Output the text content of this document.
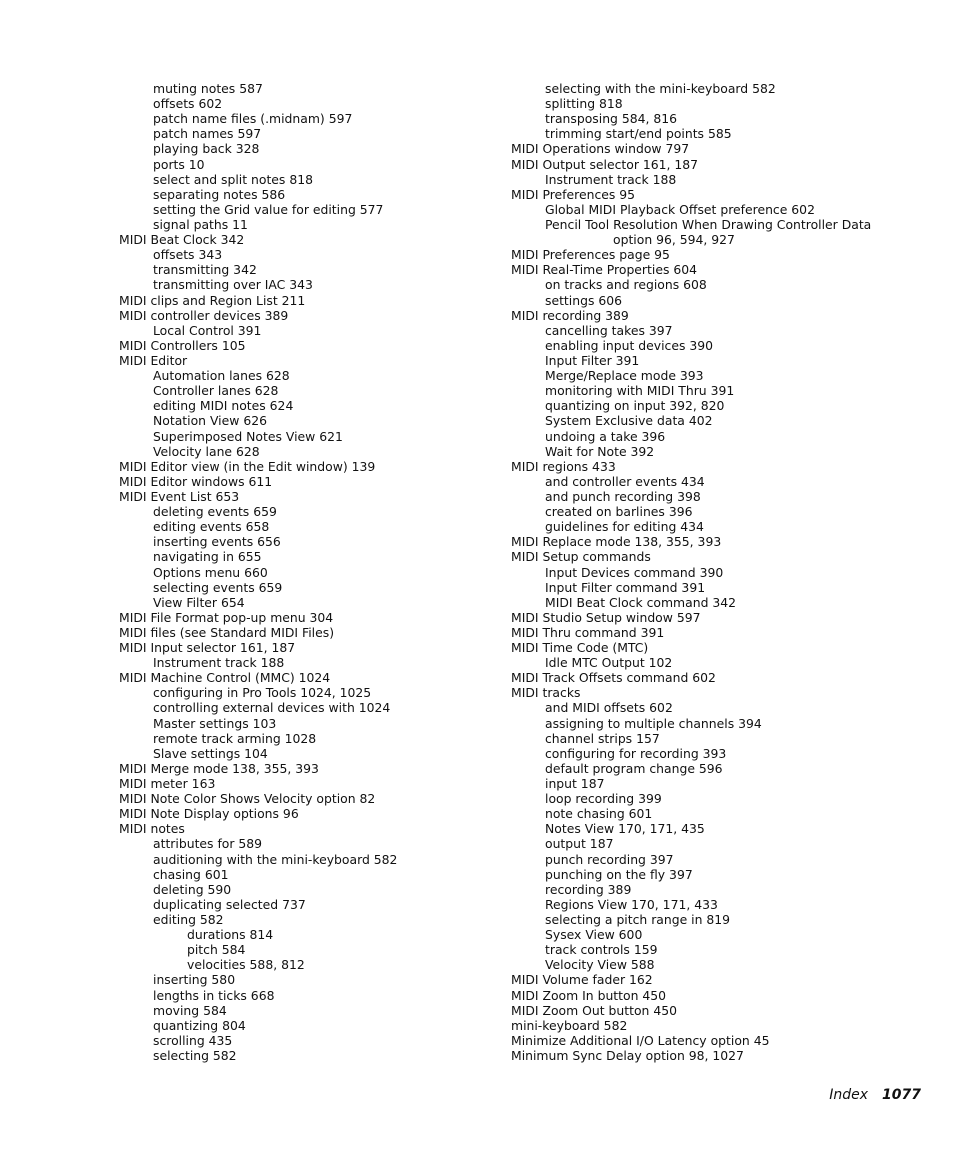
muting notes 587
offsets 602
patch name files (.midnam) 597
patch names 597
playing back 328
ports 10
select and split notes 818
separating notes 586
setting the Grid value for editing 577
signal paths 11
MIDI Beat Clock 342
offsets 343
transmitting 342
transmitting over IAC 343
MIDI clips and Region List 211
MIDI controller devices 389
Local Control 391
MIDI Controllers 105
MIDI Editor
Automation lanes 628
Controller lanes 628
editing MIDI notes 624
Notation View 626
Superimposed Notes View 621
Velocity lane 628
MIDI Editor view (in the Edit window) 139
MIDI Editor windows 611
MIDI Event List 653
deleting events 659
editing events 658
inserting events 656
navigating in 655
Options menu 660
selecting events 659
View Filter 654
MIDI File Format pop-up menu 304
MIDI files (see Standard MIDI Files)
MIDI Input selector 161, 187
Instrument track 188
MIDI Machine Control (MMC) 1024
configuring in Pro Tools 1024, 1025
controlling external devices with 1024
Master settings 103
remote track arming 1028
Slave settings 104
MIDI Merge mode 138, 355, 393
MIDI meter 163
MIDI Note Color Shows Velocity option 82
MIDI Note Display options 96
MIDI notes
attributes for 589
auditioning with the mini-keyboard 582
chasing 601
deleting 590
duplicating selected 737
editing 582
durations 814
pitch 584
velocities 588, 812
inserting 580
lengths in ticks 668
moving 584
quantizing 804
scrolling 435
selecting 582
selecting with the mini-keyboard 582
splitting 818
transposing 584, 816
trimming start/end points 585
MIDI Operations window 797
MIDI Output selector 161, 187
Instrument track 188
MIDI Preferences 95
Global MIDI Playback Offset preference 602
Pencil Tool Resolution When Drawing Controller Data
option 96, 594, 927
MIDI Preferences page 95
MIDI Real-Time Properties 604
on tracks and regions 608
settings 606
MIDI recording 389
cancelling takes 397
enabling input devices 390
Input Filter 391
Merge/Replace mode 393
monitoring with MIDI Thru 391
quantizing on input 392, 820
System Exclusive data 402
undoing a take 396
Wait for Note 392
MIDI regions 433
and controller events 434
and punch recording 398
created on barlines 396
guidelines for editing 434
MIDI Replace mode 138, 355, 393
MIDI Setup commands
Input Devices command 390
Input Filter command 391
MIDI Beat Clock command 342
MIDI Studio Setup window 597
MIDI Thru command 391
MIDI Time Code (MTC)
Idle MTC Output 102
MIDI Track Offsets command 602
MIDI tracks
and MIDI offsets 602
assigning to multiple channels 394
channel strips 157
configuring for recording 393
default program change 596
input 187
loop recording 399
note chasing 601
Notes View 170, 171, 435
output 187
punch recording 397
punching on the fly 397
recording 389
Regions View 170, 171, 433
selecting a pitch range in 819
Sysex View 600
track controls 159
Velocity View 588
MIDI Volume fader 162
MIDI Zoom In button 450
MIDI Zoom Out button 450
mini-keyboard 582
Minimize Additional I/O Latency option 45
Minimum Sync Delay option 98, 1027
Index 1077
